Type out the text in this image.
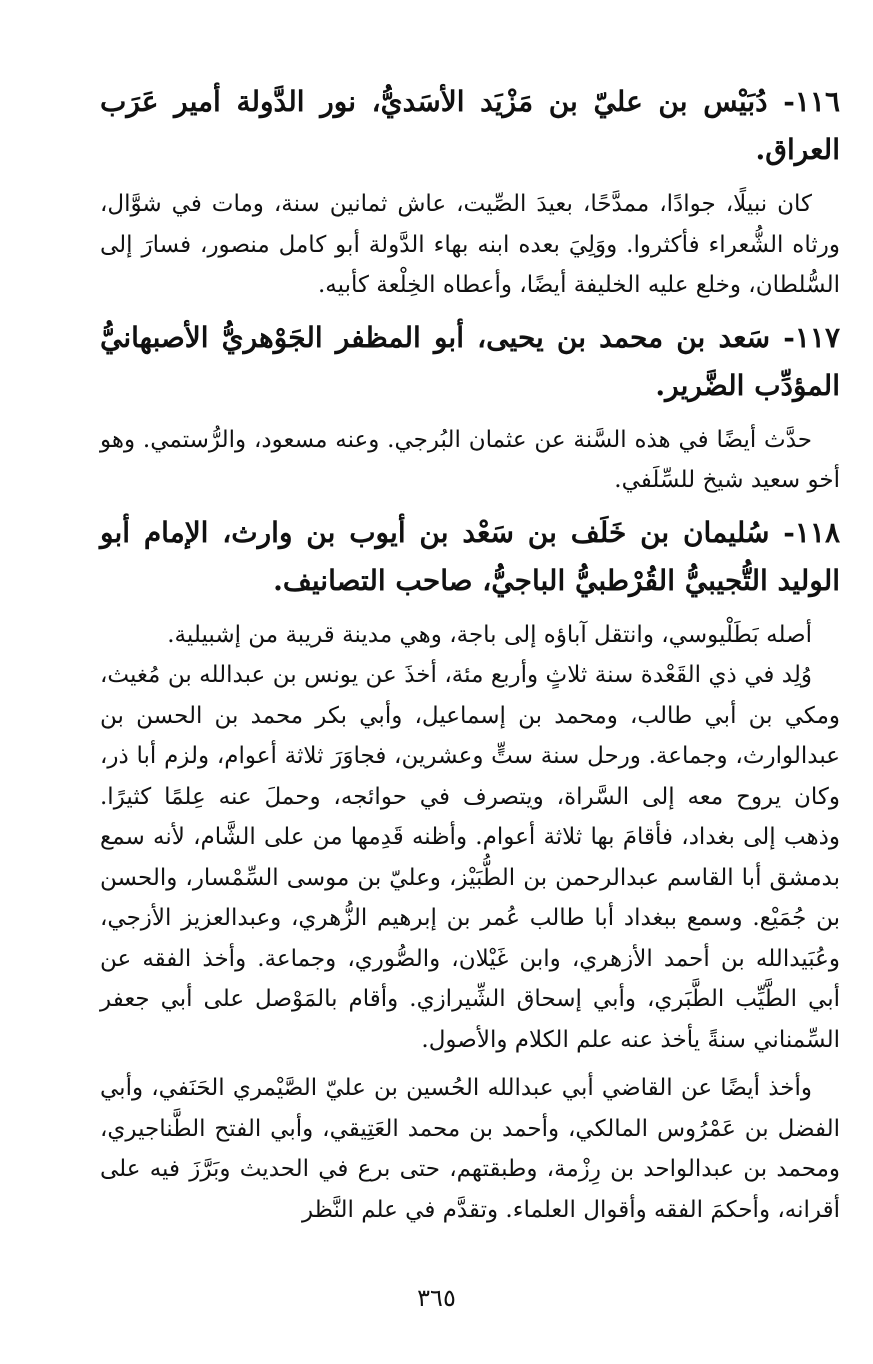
١١٦- دُبَيْس بن عليّ بن مَزْيَد الأسَديُّ، نور الدَّولة أمير عَرَب العراق.

كان نبيلًا، جوادًا، ممدَّحًا، بعيدَ الصِّيت، عاش ثمانين سنة، ومات في شوَّال، ورثاه الشُّعراء فأكثروا. ووَلِيَ بعده ابنه بهاء الدَّولة أبو كامل منصور، فسارَ إلى السُّلطان، وخلع عليه الخليفة أيضًا، وأعطاه الخِلْعة كأبيه.

١١٧- سَعد بن محمد بن يحيى، أبو المظفر الجَوْهريُّ الأصبهانيُّ المؤدِّب الضَّرير.

حدَّث أيضًا في هذه السَّنة عن عثمان البُرجي. وعنه مسعود، والرُّستمي. وهو أخو سعيد شيخ للسِّلَفي.

١١٨- سُليمان بن خَلَف بن سَعْد بن أيوب بن وارث، الإمام أبو الوليد التُّجيبيُّ القُرْطبيُّ الباجيُّ، صاحب التصانيف.

أصله بَطَلْيوسي، وانتقل آباؤه إلى باجة، وهي مدينة قريبة من إشبيلية.

وُلِد في ذي القَعْدة سنة ثلاثٍ وأربع مئة، أخذَ عن يونس بن عبدالله بن مُغيث، ومكي بن أبي طالب، ومحمد بن إسماعيل، وأبي بكر محمد بن الحسن بن عبدالوارث، وجماعة. ورحل سنة ستٍّ وعشرين، فجاوَرَ ثلاثة أعوام، ولزم أبا ذر، وكان يروح معه إلى السَّراة، ويتصرف في حوائجه، وحملَ عنه عِلمًا كثيرًا. وذهب إلى بغداد، فأقامَ بها ثلاثة أعوام. وأظنه قَدِمها من على الشَّام، لأنه سمع بدمشق أبا القاسم عبدالرحمن بن الطُّبَيْز، وعليّ بن موسى السِّمْسار، والحسن بن جُمَيْع. وسمع ببغداد أبا طالب عُمر بن إبرهيم الزُّهري، وعبدالعزيز الأزجي، وعُبَيدالله بن أحمد الأزهري، وابن غَيْلان، والصُّوري، وجماعة. وأخذ الفقه عن أبي الطَّيِّب الطَّبَري، وأبي إسحاق الشِّيرازي. وأقام بالمَوْصل على أبي جعفر السِّمناني سنةً يأخذ عنه علم الكلام والأصول.

وأخذ أيضًا عن القاضي أبي عبدالله الحُسين بن عليّ الصَّيْمري الحَنَفي، وأبي الفضل بن عَمْرُوس المالكي، وأحمد بن محمد العَتِيقي، وأبي الفتح الطَّناجيري، ومحمد بن عبدالواحد بن رِزْمة، وطبقتهم، حتى برع في الحديث وبَرَّزَ فيه على أقرانه، وأحكمَ الفقه وأقوال العلماء. وتقدَّم في علم النَّظر

٣٦٥
